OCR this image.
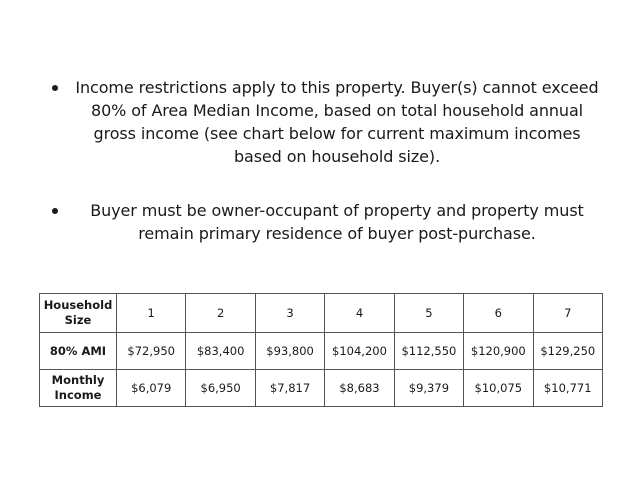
Income restrictions apply to this property. Buyer(s) cannot exceed 80% of Area Median Income, based on total household annual gross income (see chart below for current maximum incomes based on household size).
Buyer must be owner-occupant of property and property must remain primary residence of buyer post-purchase.
Household Size	1	2	3	4	5	6	7
80% AMI	$72,950	$83,400	$93,800	$104,200	$112,550	$120,900	$129,250
Monthly Income	$6,079	$6,950	$7,817	$8,683	$9,379	$10,075	$10,771
